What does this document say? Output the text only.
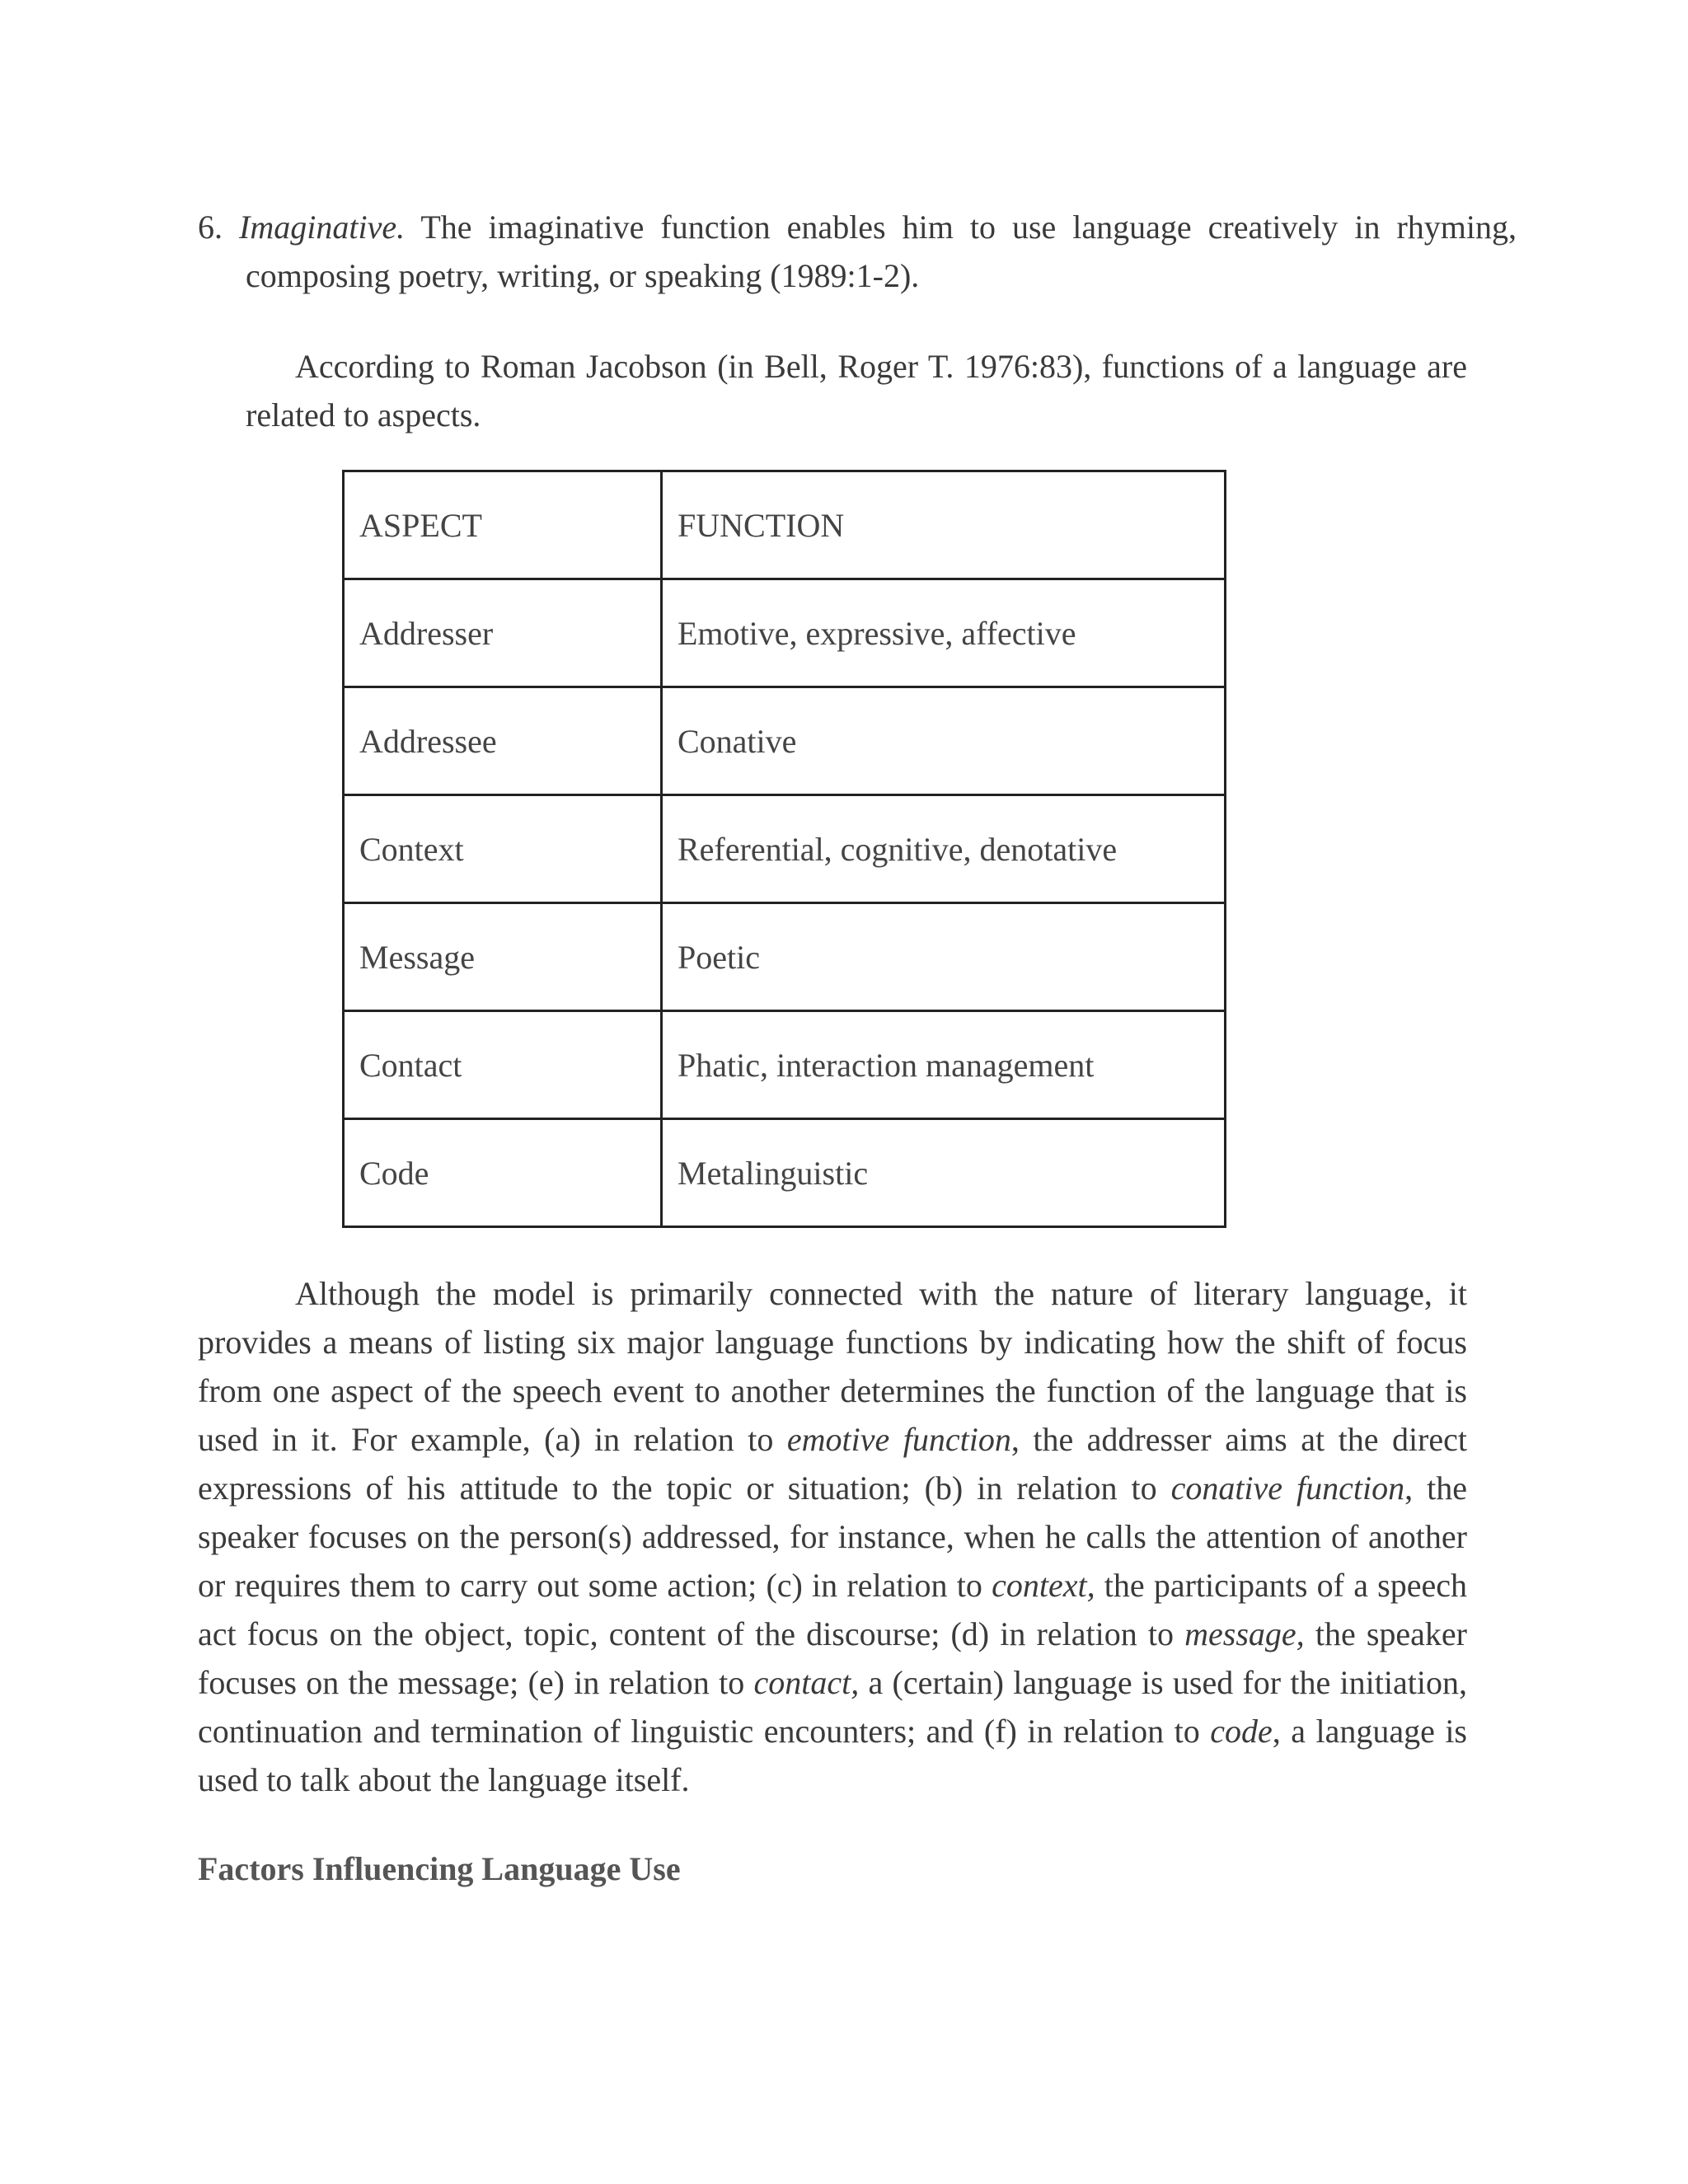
6. Imaginative. The imaginative function enables him to use language creatively in rhyming, composing poetry, writing, or speaking (1989:1-2).

According to Roman Jacobson (in Bell, Roger T. 1976:83), functions of a language are related to aspects.

ASPECT	FUNCTION
Addresser	Emotive, expressive, affective
Addressee	Conative
Context	Referential, cognitive, denotative
Message	Poetic
Contact	Phatic, interaction management
Code	Metalinguistic

Although the model is primarily connected with the nature of literary language, it provides a means of listing six major language functions by indicating how the shift of focus from one aspect of the speech event to another determines the function of the language that is used in it. For example, (a) in relation to emotive function, the addresser aims at the direct expressions of his attitude to the topic or situation; (b) in relation to conative function, the speaker focuses on the person(s) addressed, for instance, when he calls the attention of another or requires them to carry out some action; (c) in relation to context, the participants of a speech act focus on the object, topic, content of the discourse; (d) in relation to message, the speaker focuses on the message; (e) in relation to contact, a (certain) language is used for the initiation, continuation and termination of linguistic encounters; and (f) in relation to code, a language is used to talk about the language itself.

Factors Influencing Language Use
